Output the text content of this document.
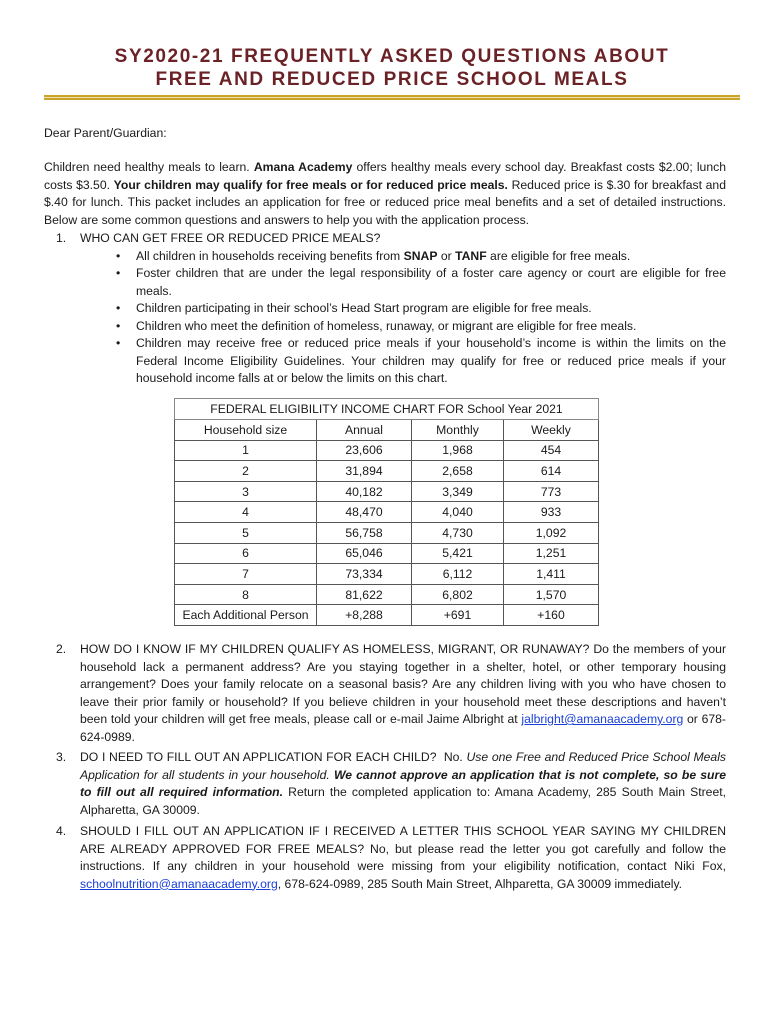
SY2020-21 FREQUENTLY ASKED QUESTIONS ABOUT
FREE AND REDUCED PRICE SCHOOL MEALS
Dear Parent/Guardian:
Children need healthy meals to learn. Amana Academy offers healthy meals every school day. Breakfast costs $2.00; lunch costs $3.50. Your children may qualify for free meals or for reduced price meals. Reduced price is $.30 for breakfast and $.40 for lunch. This packet includes an application for free or reduced price meal benefits and a set of detailed instructions. Below are some common questions and answers to help you with the application process.
1. WHO CAN GET FREE OR REDUCED PRICE MEALS?
• All children in households receiving benefits from SNAP or TANF are eligible for free meals.
• Foster children that are under the legal responsibility of a foster care agency or court are eligible for free meals.
• Children participating in their school’s Head Start program are eligible for free meals.
• Children who meet the definition of homeless, runaway, or migrant are eligible for free meals.
• Children may receive free or reduced price meals if your household’s income is within the limits on the Federal Income Eligibility Guidelines. Your children may qualify for free or reduced price meals if your household income falls at or below the limits on this chart.
FEDERAL ELIGIBILITY INCOME CHART FOR School Year 2021			
Household size	Annual	Monthly	Weekly
1	23,606	1,968	454
2	31,894	2,658	614
3	40,182	3,349	773
4	48,470	4,040	933
5	56,758	4,730	1,092
6	65,046	5,421	1,251
7	73,334	6,112	1,411
8	81,622	6,802	1,570
Each Additional Person	+8,288	+691	+160
2. HOW DO I KNOW IF MY CHILDREN QUALIFY AS HOMELESS, MIGRANT, OR RUNAWAY? Do the members of your household lack a permanent address? Are you staying together in a shelter, hotel, or other temporary housing arrangement? Does your family relocate on a seasonal basis? Are any children living with you who have chosen to leave their prior family or household? If you believe children in your household meet these descriptions and haven’t been told your children will get free meals, please call or e-mail Jaime Albright at jalbright@amanaacademy.org or 678-624-0989.
3. DO I NEED TO FILL OUT AN APPLICATION FOR EACH CHILD?  No. Use one Free and Reduced Price School Meals Application for all students in your household. We cannot approve an application that is not complete, so be sure to fill out all required information. Return the completed application to: Amana Academy, 285 South Main Street, Alpharetta, GA 30009.
4. SHOULD I FILL OUT AN APPLICATION IF I RECEIVED A LETTER THIS SCHOOL YEAR SAYING MY CHILDREN ARE ALREADY APPROVED FOR FREE MEALS? No, but please read the letter you got carefully and follow the instructions. If any children in your household were missing from your eligibility notification, contact Niki Fox, schoolnutrition@amanaacademy.org, 678-624-0989, 285 South Main Street, Alhparetta, GA 30009 immediately.
